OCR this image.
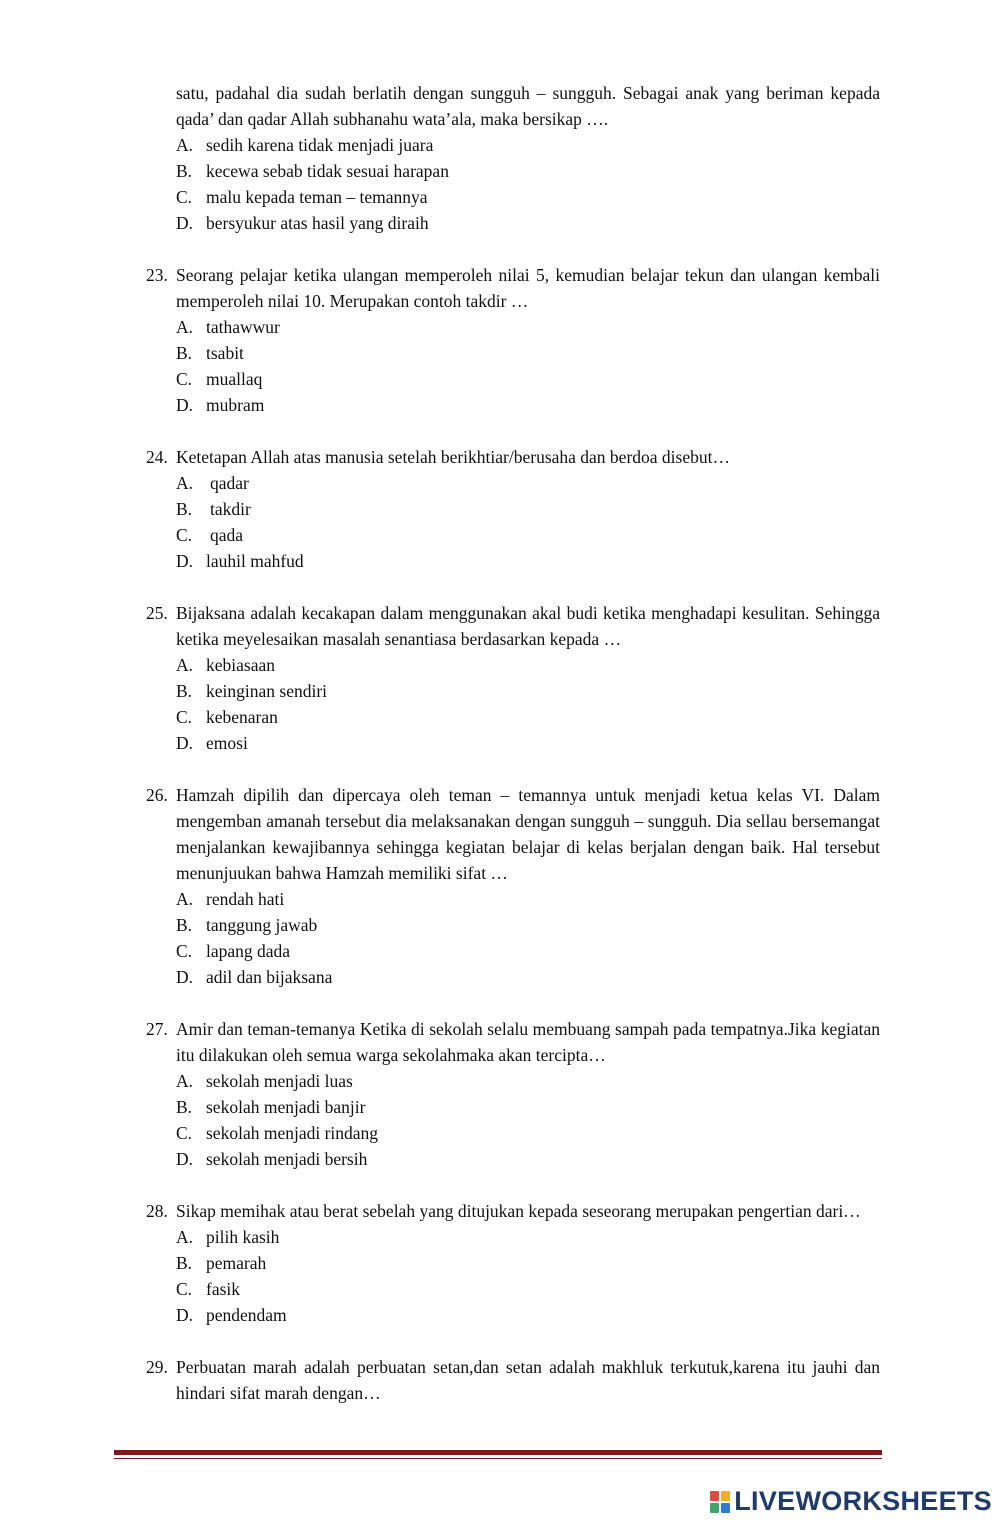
satu, padahal dia sudah berlatih dengan sungguh – sungguh. Sebagai anak yang beriman kepada qada’ dan qadar Allah subhanahu wata’ala, maka bersikap ….
A. sedih karena tidak menjadi juara
B. kecewa sebab tidak sesuai harapan
C. malu kepada teman – temannya
D. bersyukur atas hasil yang diraih
23. Seorang pelajar ketika ulangan memperoleh nilai 5, kemudian belajar tekun dan ulangan kembali memperoleh nilai 10. Merupakan contoh takdir …
A. tathawwur
B. tsabit
C. muallaq
D. mubram
24. Ketetapan Allah atas manusia setelah berikhtiar/berusaha dan berdoa disebut…
A. qadar
B.	takdir
C.	qada
D. lauhil mahfud
25. Bijaksana adalah kecakapan dalam menggunakan akal budi ketika menghadapi kesulitan. Sehingga ketika meyelesaikan masalah senantiasa berdasarkan kepada …
A. kebiasaan
B. keinginan sendiri
C. kebenaran
D. emosi
26. Hamzah dipilih dan dipercaya oleh teman – temannya untuk menjadi ketua kelas VI. Dalam mengemban amanah tersebut dia melaksanakan dengan sungguh – sungguh. Dia sellau bersemangat menjalankan kewajibannya sehingga kegiatan belajar di kelas berjalan dengan baik. Hal tersebut menunjuukan bahwa Hamzah memiliki sifat …
A. rendah hati
B. tanggung jawab
C. lapang dada
D. adil dan bijaksana
27. Amir dan teman-temanya Ketika di sekolah selalu membuang sampah pada tempatnya.Jika kegiatan itu dilakukan oleh semua warga sekolahmaka akan tercipta…
A. sekolah menjadi luas
B. sekolah menjadi banjir
C. sekolah menjadi rindang
D. sekolah menjadi bersih
28. Sikap memihak atau berat sebelah yang ditujukan kepada seseorang merupakan pengertian dari…
A. pilih kasih
B. pemarah
C. fasik
D. pendendam
29. Perbuatan marah adalah perbuatan setan,dan setan adalah makhluk terkutuk,karena itu jauhi dan hindari sifat marah dengan…
LIVEWORKSHEETS
